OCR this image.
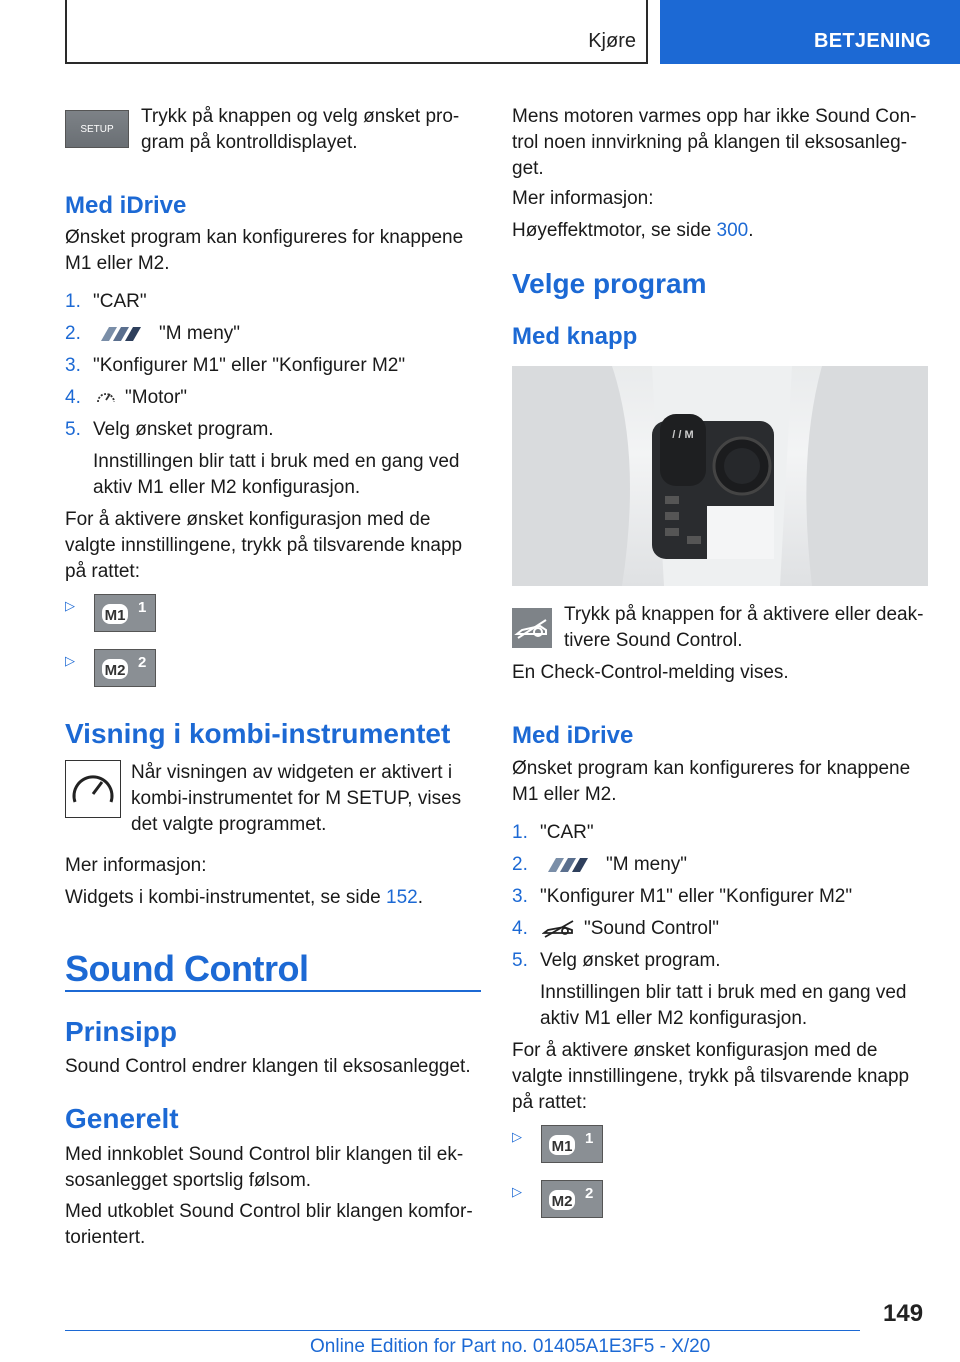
Kjøre	BETJENING
SETUP

Trykk på knappen og velg ønsket program på kontrolldisplayet.

Med iDrive

Ønsket program kan konfigureres for knappene M1 eller M2.

1. "CAR"
2.	"M meny"
3. "Konfigurer M1" eller "Konfigurer M2"
4. "Motor"
5. Velg ønsket program.

Innstillingen blir tatt i bruk med en gang ved aktiv M1 eller M2 konfigurasjon.

For å aktivere ønsket konfigurasjon med de valgte innstillingene, trykk på tilsvarende knapp på rattet:

▷
M1 1
▷
M2 2
Visning i kombi-instrumentet

Når visningen av widgeten er aktivert i kombi-instrumentet for M SETUP, vises det valgte programmet.

Mer informasjon:

Widgets i kombi-instrumentet, se side 152.

Sound Control
Prinsipp

Sound Control endrer klangen til eksosanlegget.

Generelt

Med innkoblet Sound Control blir klangen til eksosanlegget sportslig følsom.

Med utkoblet Sound Control blir klangen komfortorientert.

Mens motoren varmes opp har ikke Sound Control noen innvirkning på klangen til eksosanlegget.

Mer informasjon:

Høyeffektmotor, se side 300.

Velge program
Med knapp
/ / M

Trykk på knappen for å aktivere eller deaktivere Sound Control.

En Check-Control-melding vises.

Med iDrive

Ønsket program kan konfigureres for knappene M1 eller M2.

1. "CAR"
2.	"M meny"
3. "Konfigurer M1" eller "Konfigurer M2"
4.	"Sound Control"
5. Velg ønsket program.

Innstillingen blir tatt i bruk med en gang ved aktiv M1 eller M2 konfigurasjon.

For å aktivere ønsket konfigurasjon med de valgte innstillingene, trykk på tilsvarende knapp på rattet:

▷
M1 1
▷
M2 2
149
Online Edition for Part no. 01405A1E3F5 - X/20
